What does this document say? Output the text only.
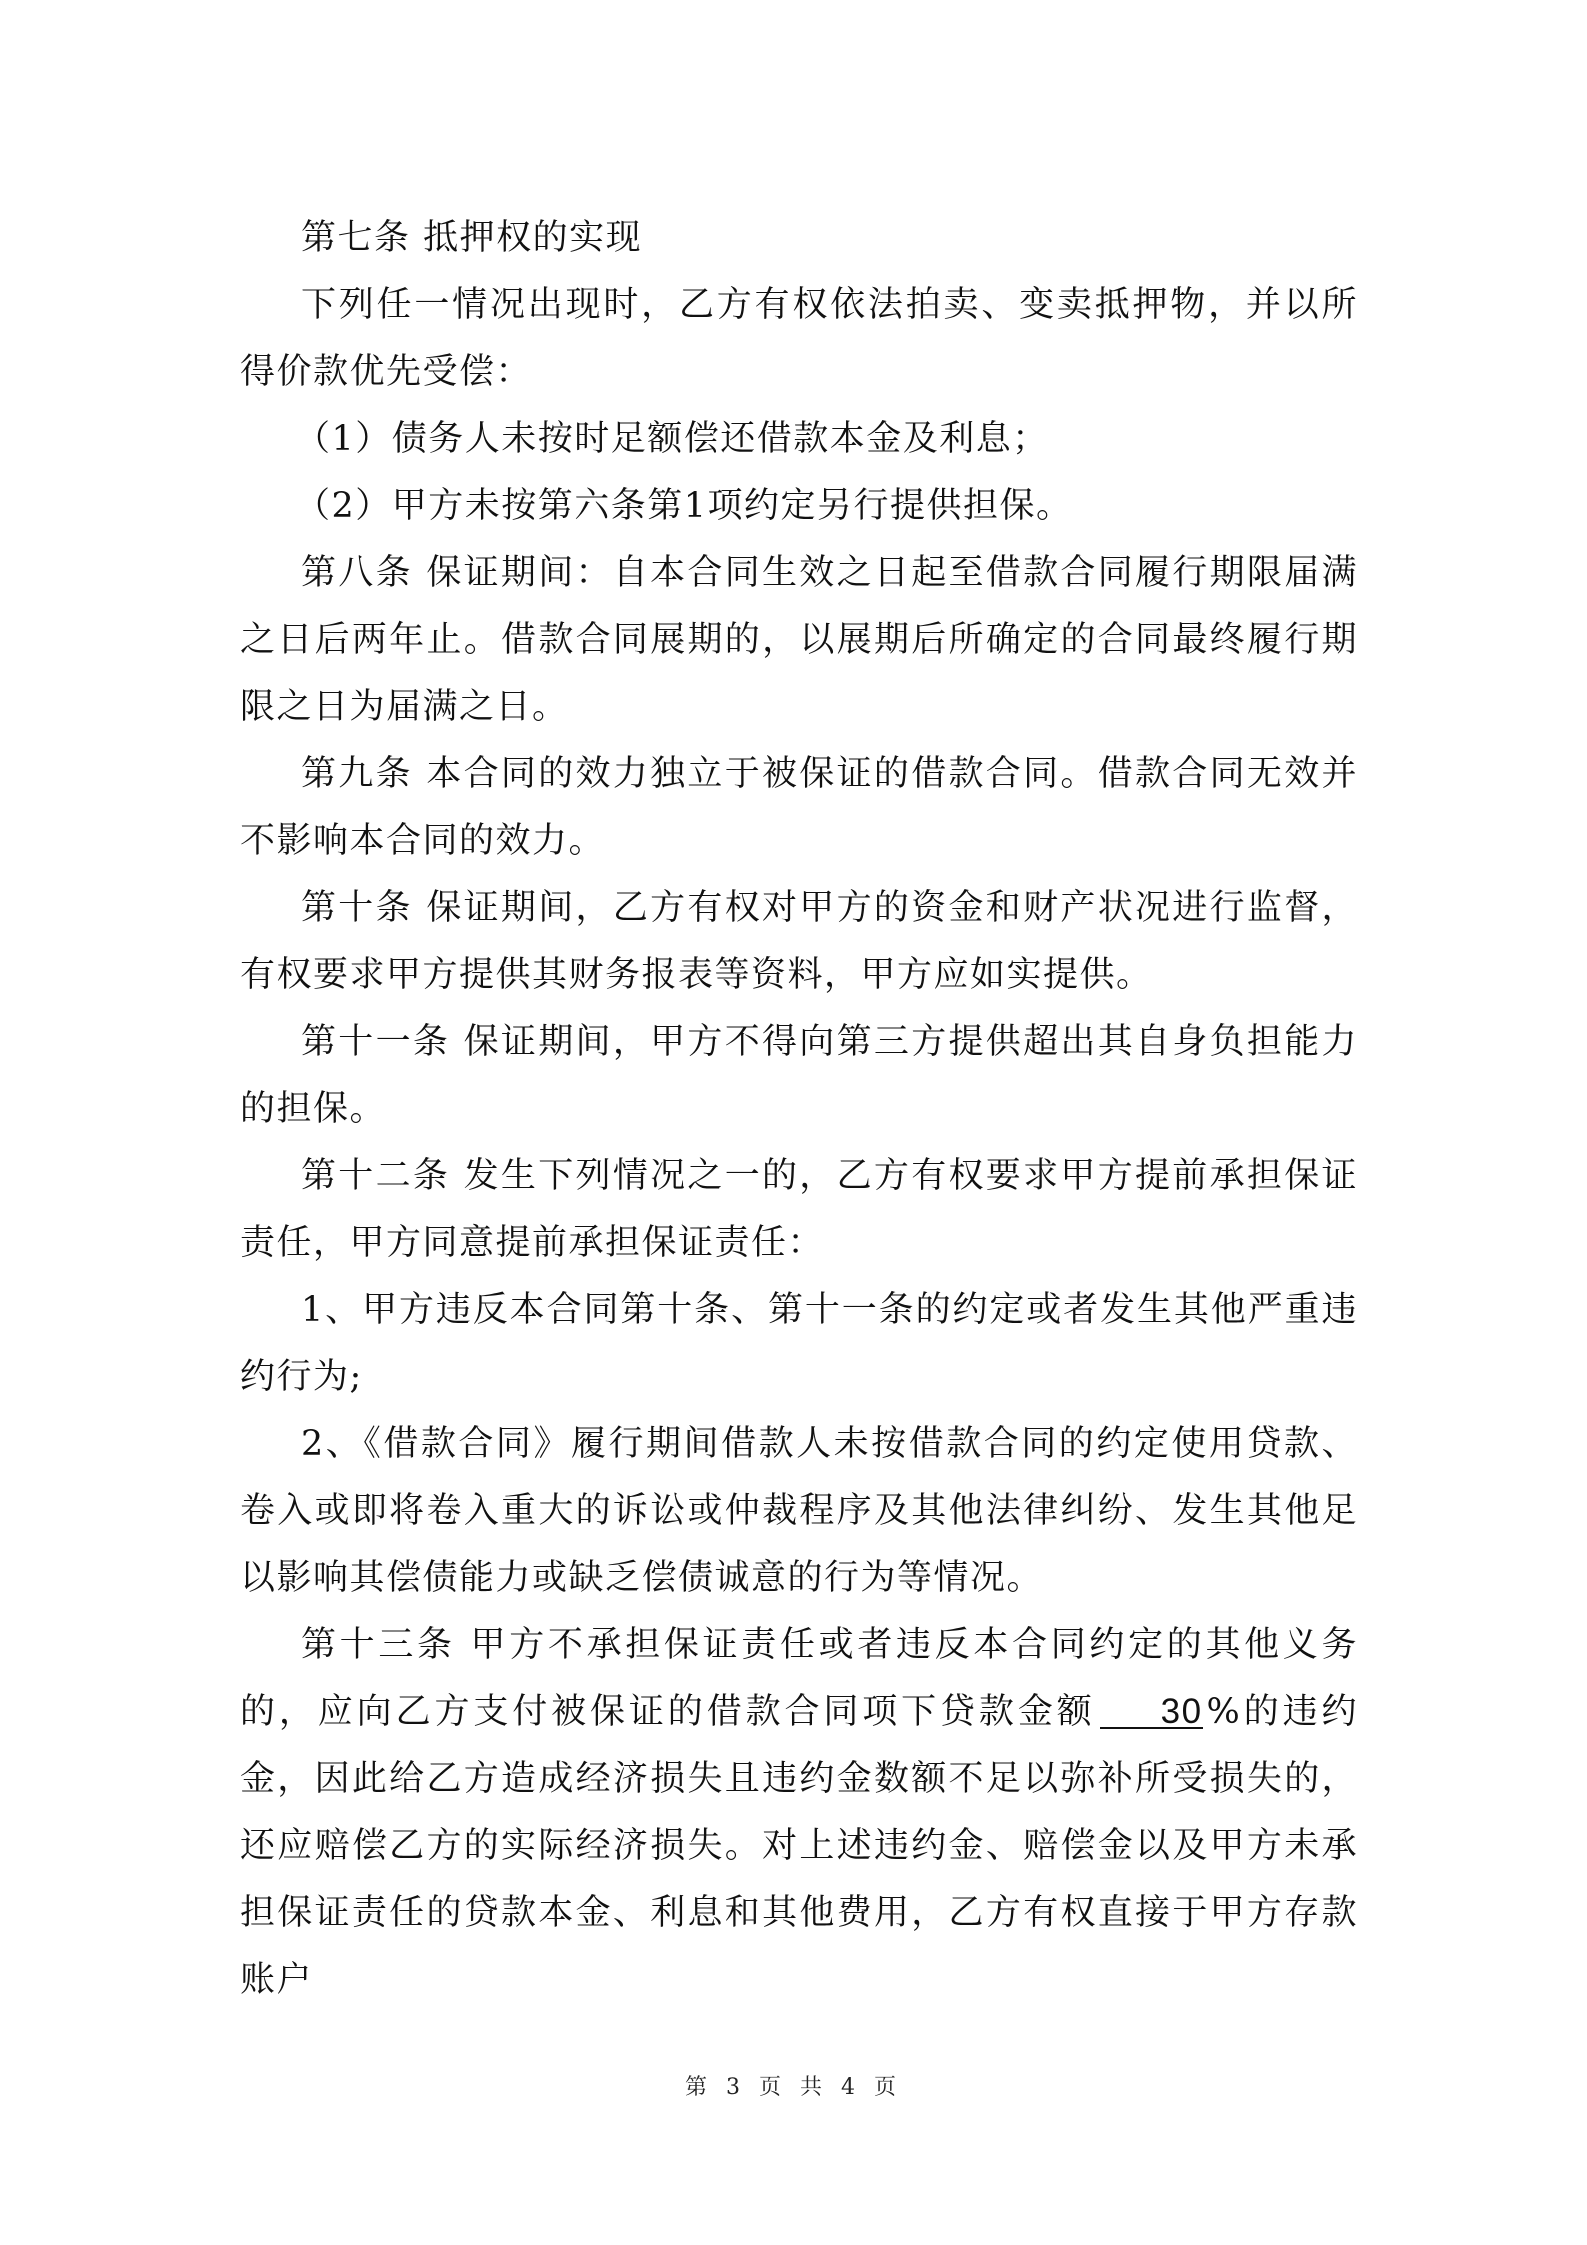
第七条 抵押权的实现

下列任一情况出现时，乙方有权依法拍卖、变卖抵押物，并以所得价款优先受偿：

（1）债务人未按时足额偿还借款本金及利息；

（2）甲方未按第六条第1项约定另行提供担保。

第八条 保证期间：自本合同生效之日起至借款合同履行期限届满之日后两年止。借款合同展期的，以展期后所确定的合同最终履行期限之日为届满之日。

第九条 本合同的效力独立于被保证的借款合同。借款合同无效并不影响本合同的效力。

第十条 保证期间，乙方有权对甲方的资金和财产状况进行监督，有权要求甲方提供其财务报表等资料，甲方应如实提供。

第十一条 保证期间，甲方不得向第三方提供超出其自身负担能力的担保。

第十二条 发生下列情况之一的，乙方有权要求甲方提前承担保证责任，甲方同意提前承担保证责任：

1、甲方违反本合同第十条、第十一条的约定或者发生其他严重违约行为;

2、《借款合同》履行期间借款人未按借款合同的约定使用贷款、卷入或即将卷入重大的诉讼或仲裁程序及其他法律纠纷、发生其他足以影响其偿债能力或缺乏偿债诚意的行为等情况。

第十三条 甲方不承担保证责任或者违反本合同约定的其他义务的，应向乙方支付被保证的借款合同项下贷款金额 30 %的违约金，因此给乙方造成经济损失且违约金数额不足以弥补所受损失的，还应赔偿乙方的实际经济损失。对上述违约金、赔偿金以及甲方未承担保证责任的贷款本金、利息和其他费用，乙方有权直接于甲方存款账户

第 3 页 共 4 页
